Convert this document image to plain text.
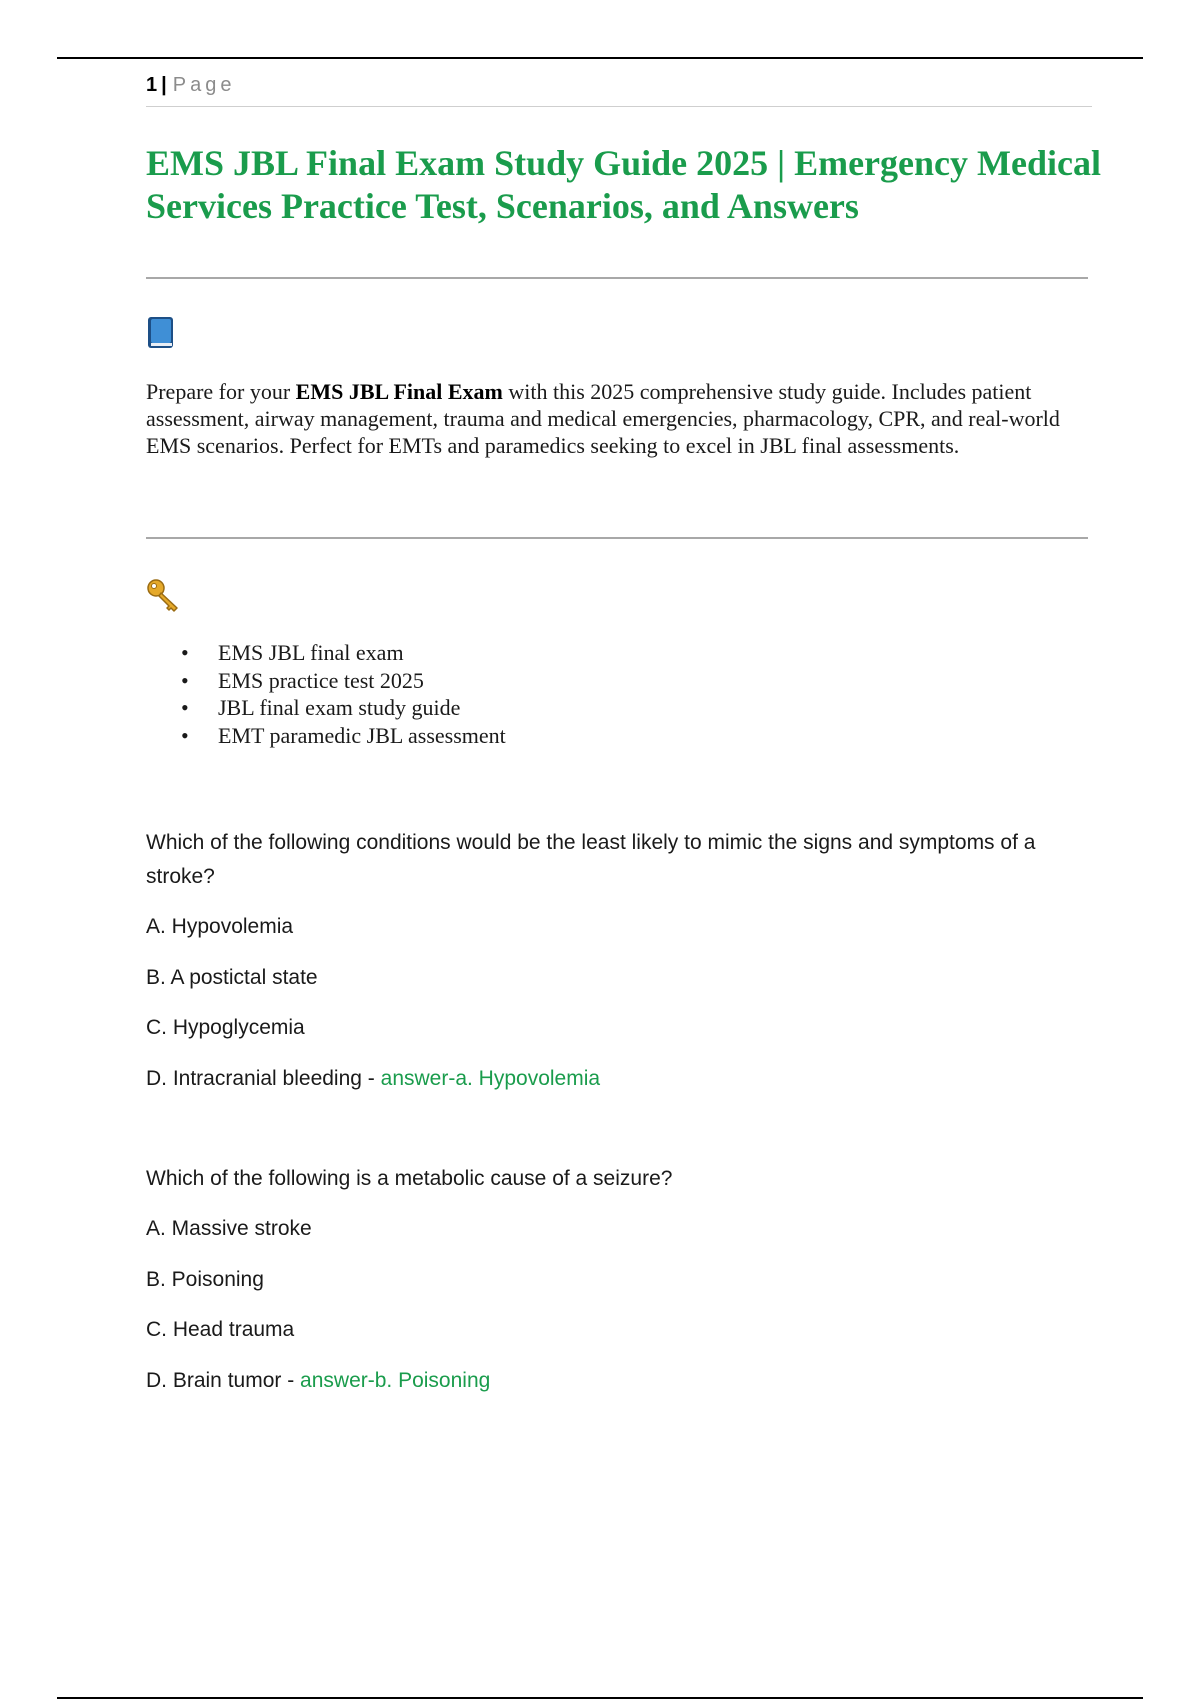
1 | Page
EMS JBL Final Exam Study Guide 2025 | Emergency Medical Services Practice Test, Scenarios, and Answers

Prepare for your EMS JBL Final Exam with this 2025 comprehensive study guide. Includes patient assessment, airway management, trauma and medical emergencies, pharmacology, CPR, and real-world EMS scenarios. Perfect for EMTs and paramedics seeking to excel in JBL final assessments.

• EMS JBL final exam
• EMS practice test 2025
• JBL final exam study guide
• EMT paramedic JBL assessment

Which of the following conditions would be the least likely to mimic the signs and symptoms of a stroke?

A. Hypovolemia
B. A postictal state
C. Hypoglycemia
D. Intracranial bleeding - answer-a. Hypovolemia

Which of the following is a metabolic cause of a seizure?

A. Massive stroke
B. Poisoning
C. Head trauma
D. Brain tumor - answer-b. Poisoning
